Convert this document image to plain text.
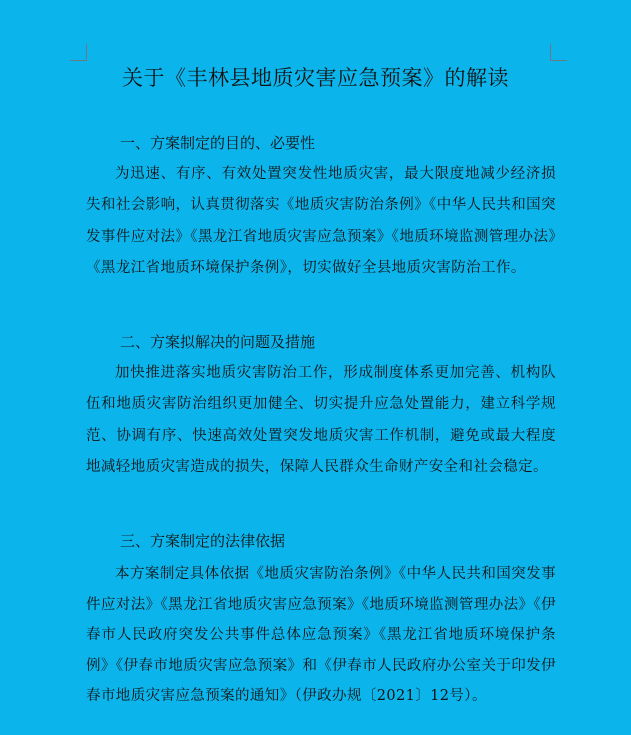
关于《丰林县地质灾害应急预案》的解读
一、方案制定的目的、必要性
为迅速、有序、有效处置突发性地质灾害，最大限度地减少经济损失和社会影响，认真贯彻落实《地质灾害防治条例》《中华人民共和国突发事件应对法》《黑龙江省地质灾害应急预案》《地质环境监测管理办法》《黑龙江省地质环境保护条例》，切实做好全县地质灾害防治工作。
二、方案拟解决的问题及措施
加快推进落实地质灾害防治工作，形成制度体系更加完善、机构队伍和地质灾害防治组织更加健全、切实提升应急处置能力，建立科学规范、协调有序、快速高效处置突发地质灾害工作机制，避免或最大程度地减轻地质灾害造成的损失，保障人民群众生命财产安全和社会稳定。
三、方案制定的法律依据
本方案制定具体依据《地质灾害防治条例》《中华人民共和国突发事件应对法》《黑龙江省地质灾害应急预案》《地质环境监测管理办法》《伊春市人民政府突发公共事件总体应急预案》《黑龙江省地质环境保护条例》《伊春市地质灾害应急预案》和《伊春市人民政府办公室关于印发伊春市地质灾害应急预案的通知》（伊政办规〔2021〕12号）。
